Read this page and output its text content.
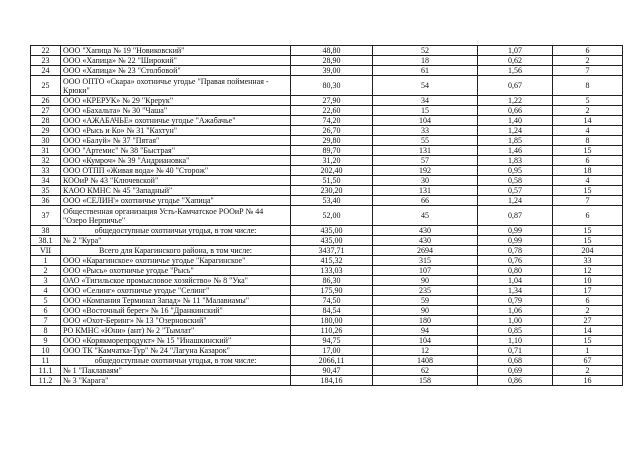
22	ООО "Хапица № 19 "Новиковский"	48,80	52	1,07	6
23	ООО «Хапица» № 22 "Широкий"	28,90	18	0,62	2
24	ООО «Хапица» № 23 "Столбовой"	39,00	61	1,56	7
25	ООО ОПТО «Скара» охотничье угодье "Правая пойменная - Крюки"	80,30	54	0,67	8
26	ООО «КРЕРУК» № 29 "Крерук"	27,90	34	1,22	5
27	ООО «Бахальта» № 30 "Чаша"	22,60	15	0,66	2
28	ООО «АЖАБАЧЬЕ» охотничье угодье "Ажабачье"	74,20	104	1,40	14
29	ООО «Рысь и Ко» № 31 "Кахтун"	26,70	33	1,24	4
30	ООО «Балуй» № 37 "Пятая"	29,80	55	1,85	8
31	ООО "Артемис" № 38 "Быстрая"	89,70	131	1,46	15
32	ООО «Кумроч» № 39 "Андриановка"	31,20	57	1,83	6
33	ООО ОТПП «Живая вода» № 40 "Сторож"	202,40	192	0,95	18
34	КООиР № 43 "Ключевской"	51,50	30	0,58	4
35	КАОО КМНС № 45 "Западный"	230,20	131	0,57	15
36	ООО «СЕЛИН'» охотничье угодье "Хапица"	53,40	66	1,24	7
37	Общественная организация Усть-Камчатское РООиР № 44 "Озеро Нерпичье"	52,00	45	0,87	6
38	общедоступные охотничьи угодья, в том числе:	435,00	430	0,99	15
38.1	№ 2 "Кура"	435,00	430	0,99	15
VII	Всего для Карагинского района, в том числе:	3437,71	2694	0,78	204
1	ООО «Карагинское» охотничье угодье "Карагинское"	415,32	315	0,76	33
2	ООО «Рысь» охотничье угодье "Рысь"	133,03	107	0,80	12
3	ОАО «Тигильское промысловое хозяйство» № 8 "Ука"	86,30	90	1,04	10
4	ООО «Селинг» охотничье угодье "Селинг"	175,90	235	1,34	17
5	ООО «Компания Терминал Запад» № 11 "Малавиамы"	74,50	59	0,79	6
6	ООО «Восточный берег» № 16 "Дранкинский"	84,54	90	1,06	2
7	ООО «Охот-Беринг» № 13 "Озерновский"	180,00	180	1,00	27
8	РО КМНС «Юни» (ант) № 2 "Тымлат"	110,26	94	0,85	14
9	ООО «Корякморепродукт» № 15 "Инашкинский"	94,75	104	1,10	15
10	ООО ТК "Камчатка-Тур" № 24 "Лагуна Казарок"	17,00	12	0,71	1
11	общедоступные охотничьи угодья, в том числе:	2066,11	1408	0,68	67
11.1	№ 1 "Паклаваям"	90,47	62	0,69	2
11.2	№ 3 "Карага"	184,16	158	0,86	16
